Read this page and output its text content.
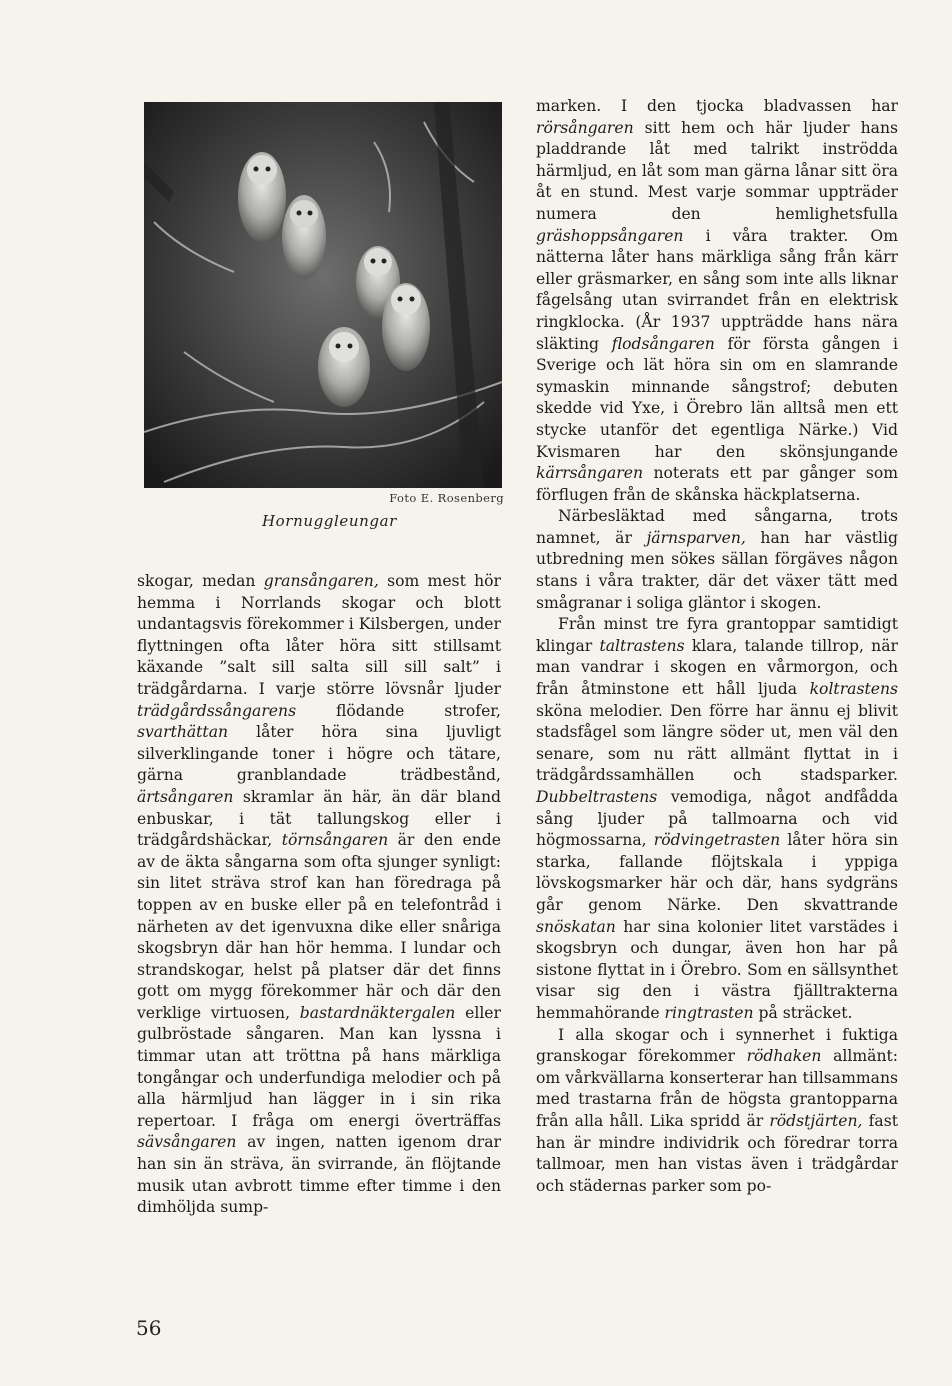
Foto E. Rosenberg
Hornuggleungar

skogar, medan gransångaren, som mest hör hemma i Norrlands skogar och blott undantagsvis förekommer i Kilsbergen, under flyttningen ofta låter höra sitt stillsamt käxande ”salt sill salta sill sill salt” i trädgårdarna. I varje större lövsnår ljuder trädgårdssångarens flödande strofer, svarthättan låter höra sina ljuvligt silverklingande toner i högre och tätare, gärna granblandade trädbestånd, ärtsångaren skramlar än här, än där bland enbuskar, i tät tallungskog eller i trädgårdshäckar, törnsångaren är den ende av de äkta sångarna som ofta sjunger synligt: sin litet sträva strof kan han föredraga på toppen av en buske eller på en telefontråd i närheten av det igenvuxna dike eller snåriga skogsbryn där han hör hemma. I lundar och strandskogar, helst på platser där det finns gott om mygg förekommer här och där den verklige virtuosen, bastardnäktergalen eller gulbröstade sångaren. Man kan lyssna i timmar utan att tröttna på hans märkliga tongångar och underfundiga melodier och på alla härmljud han lägger in i sin rika repertoar. I fråga om energi överträffas sävsångaren av ingen, natten igenom drar han sin än sträva, än svirrande, än flöjtande musik utan avbrott timme efter timme i den dimhöljda sump-

marken. I den tjocka bladvassen har rörsångaren sitt hem och här ljuder hans pladdrande låt med talrikt inströdda härmljud, en låt som man gärna lånar sitt öra åt en stund. Mest varje sommar uppträder numera den hemlighetsfulla gräshoppsångaren i våra trakter. Om nätterna låter hans märkliga sång från kärr eller gräsmarker, en sång som inte alls liknar fågelsång utan svirrandet från en elektrisk ringklocka. (År 1937 uppträdde hans nära släkting flodsångaren för första gången i Sverige och lät höra sin om en slamrande symaskin minnande sångstrof; debuten skedde vid Yxe, i Örebro län alltså men ett stycke utanför det egentliga Närke.) Vid Kvismaren har den skönsjungande kärrsångaren noterats ett par gånger som förflugen från de skånska häckplatserna.

Närbesläktad med sångarna, trots namnet, är järnsparven, han har västlig utbredning men sökes sällan förgäves någon stans i våra trakter, där det växer tätt med smågranar i soliga gläntor i skogen.

Från minst tre fyra grantoppar samtidigt klingar taltrastens klara, talande tillrop, när man vandrar i skogen en vårmorgon, och från åtminstone ett håll ljuda koltrastens sköna melodier. Den förre har ännu ej blivit stadsfågel som längre söder ut, men väl den senare, som nu rätt allmänt flyttat in i trädgårdssamhällen och stadsparker. Dubbeltrastens vemodiga, något andfådda sång ljuder på tallmoarna och vid högmossarna, rödvingetrasten låter höra sin starka, fallande flöjtskala i yppiga lövskogsmarker här och där, hans sydgräns går genom Närke. Den skvattrande snöskatan har sina kolonier litet varstädes i skogsbryn och dungar, även hon har på sistone flyttat in i Örebro. Som en sällsynthet visar sig den i västra fjälltrakterna hemmahörande ringtrasten på sträcket.

I alla skogar och i synnerhet i fuktiga granskogar förekommer rödhaken allmänt: om vårkvällarna konserterar han tillsammans med trastarna från de högsta grantopparna från alla håll. Lika spridd är rödstjärten, fast han är mindre individrik och föredrar torra tallmoar, men han vistas även i trädgårdar och städernas parker som po-

56
